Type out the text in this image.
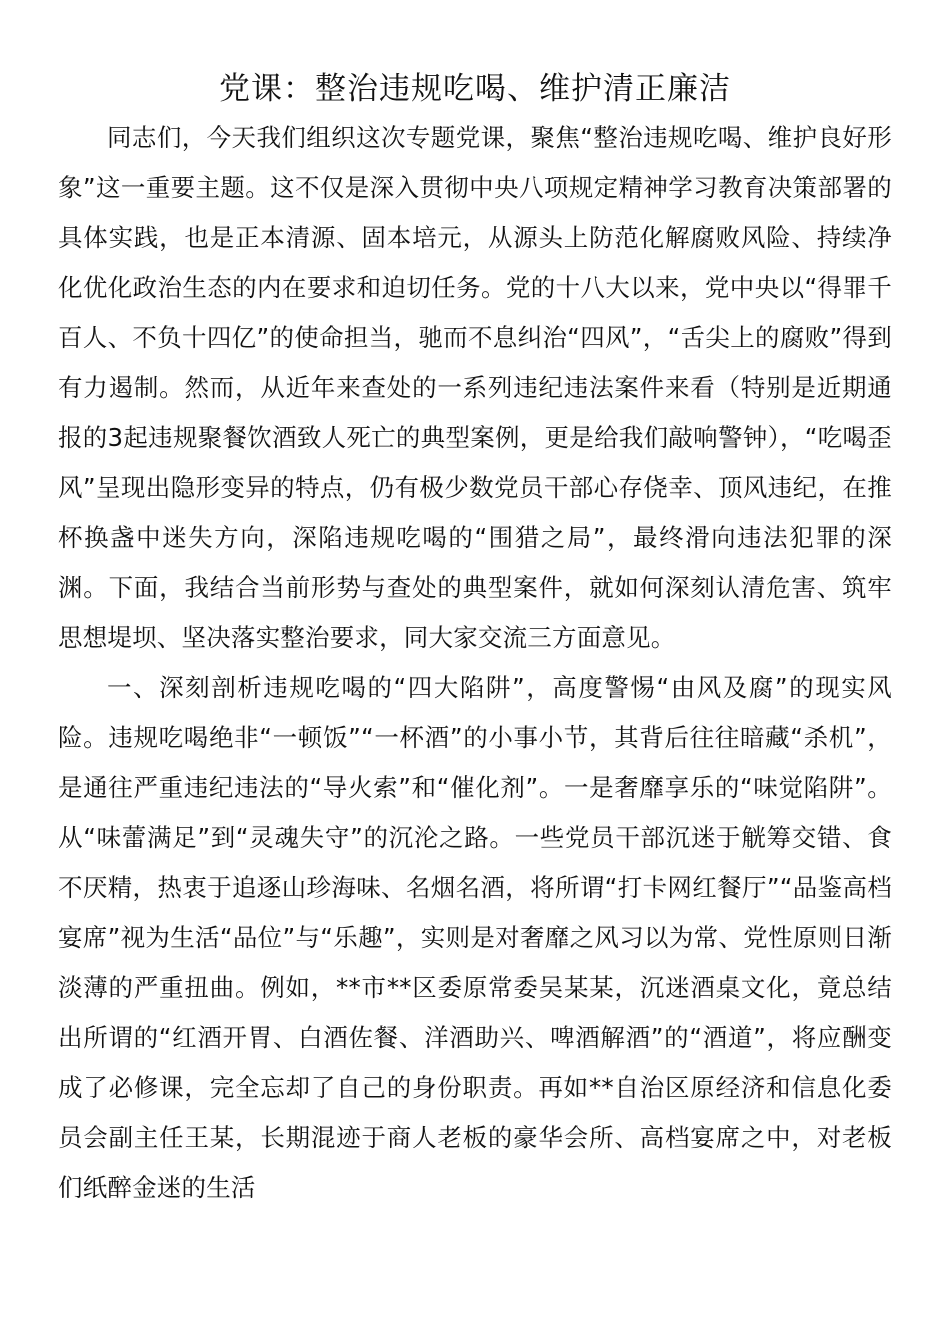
党课：整治违规吃喝、维护清正廉洁

同志们，今天我们组织这次专题党课，聚焦“整治违规吃喝、维护良好形象”这一重要主题。这不仅是深入贯彻中央八项规定精神学习教育决策部署的具体实践，也是正本清源、固本培元，从源头上防范化解腐败风险、持续净化优化政治生态的内在要求和迫切任务。党的十八大以来，党中央以“得罪千百人、不负十四亿”的使命担当，驰而不息纠治“四风”，“舌尖上的腐败”得到有力遏制。然而，从近年来查处的一系列违纪违法案件来看（特别是近期通报的3起违规聚餐饮酒致人死亡的典型案例，更是给我们敲响警钟），“吃喝歪风”呈现出隐形变异的特点，仍有极少数党员干部心存侥幸、顶风违纪，在推杯换盏中迷失方向，深陷违规吃喝的“围猎之局”，最终滑向违法犯罪的深渊。下面，我结合当前形势与查处的典型案件，就如何深刻认清危害、筑牢思想堤坝、坚决落实整治要求，同大家交流三方面意见。

一、深刻剖析违规吃喝的“四大陷阱”，高度警惕“由风及腐”的现实风险。违规吃喝绝非“一顿饭”“一杯酒”的小事小节，其背后往往暗藏“杀机”，是通往严重违纪违法的“导火索”和“催化剂”。一是奢靡享乐的“味觉陷阱”。从“味蕾满足”到“灵魂失守”的沉沦之路。一些党员干部沉迷于觥筹交错、食不厌精，热衷于追逐山珍海味、名烟名酒，将所谓“打卡网红餐厅”“品鉴高档宴席”视为生活“品位”与“乐趣”，实则是对奢靡之风习以为常、党性原则日渐淡薄的严重扭曲。例如，**市**区委原常委吴某某，沉迷酒桌文化，竟总结出所谓的“红酒开胃、白酒佐餐、洋酒助兴、啤酒解酒”的“酒道”，将应酬变成了必修课，完全忘却了自己的身份职责。再如**自治区原经济和信息化委员会副主任王某，长期混迹于商人老板的豪华会所、高档宴席之中，对老板们纸醉金迷的生活
